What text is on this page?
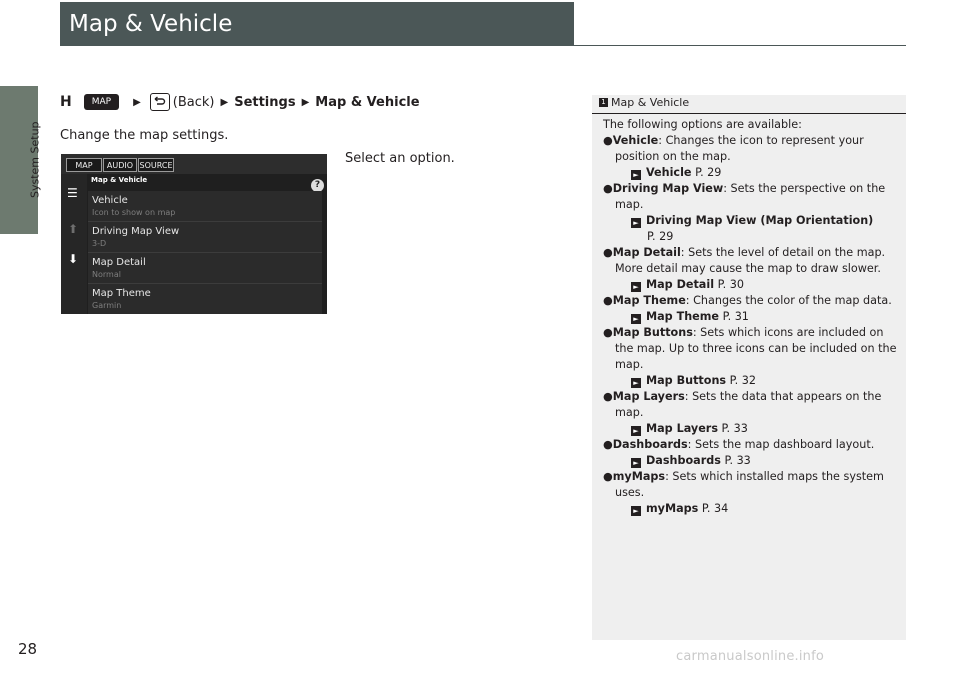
System Setup
28
Map & Vehicle
H	MAP	▶ (Back) ▶ Settings ▶ Map & Vehicle
Change the map settings.
Select an option.
MAP	AUDIO SOURCE
☰
⬆
⬇
Map & Vehicle	?
Vehicle
Icon to show on map
Driving Map View
3-D
Map Detail
Normal
Map Theme
Garmin
1 Map & Vehicle

The following options are available:

●Vehicle: Changes the icon to represent your position on the map.

► Vehicle P. 29

●Driving Map View: Sets the perspective on the map.

► Driving Map View (Map Orientation)

P. 29

●Map Detail: Sets the level of detail on the map. More detail may cause the map to draw slower.

► Map Detail P. 30

●Map Theme: Changes the color of the map data.

► Map Theme P. 31

●Map Buttons: Sets which icons are included on the map. Up to three icons can be included on the map.

► Map Buttons P. 32

●Map Layers: Sets the data that appears on the map.

► Map Layers P. 33

●Dashboards: Sets the map dashboard layout.

► Dashboards P. 33

●myMaps: Sets which installed maps the system uses.

► myMaps P. 34

carmanualsonline.info
